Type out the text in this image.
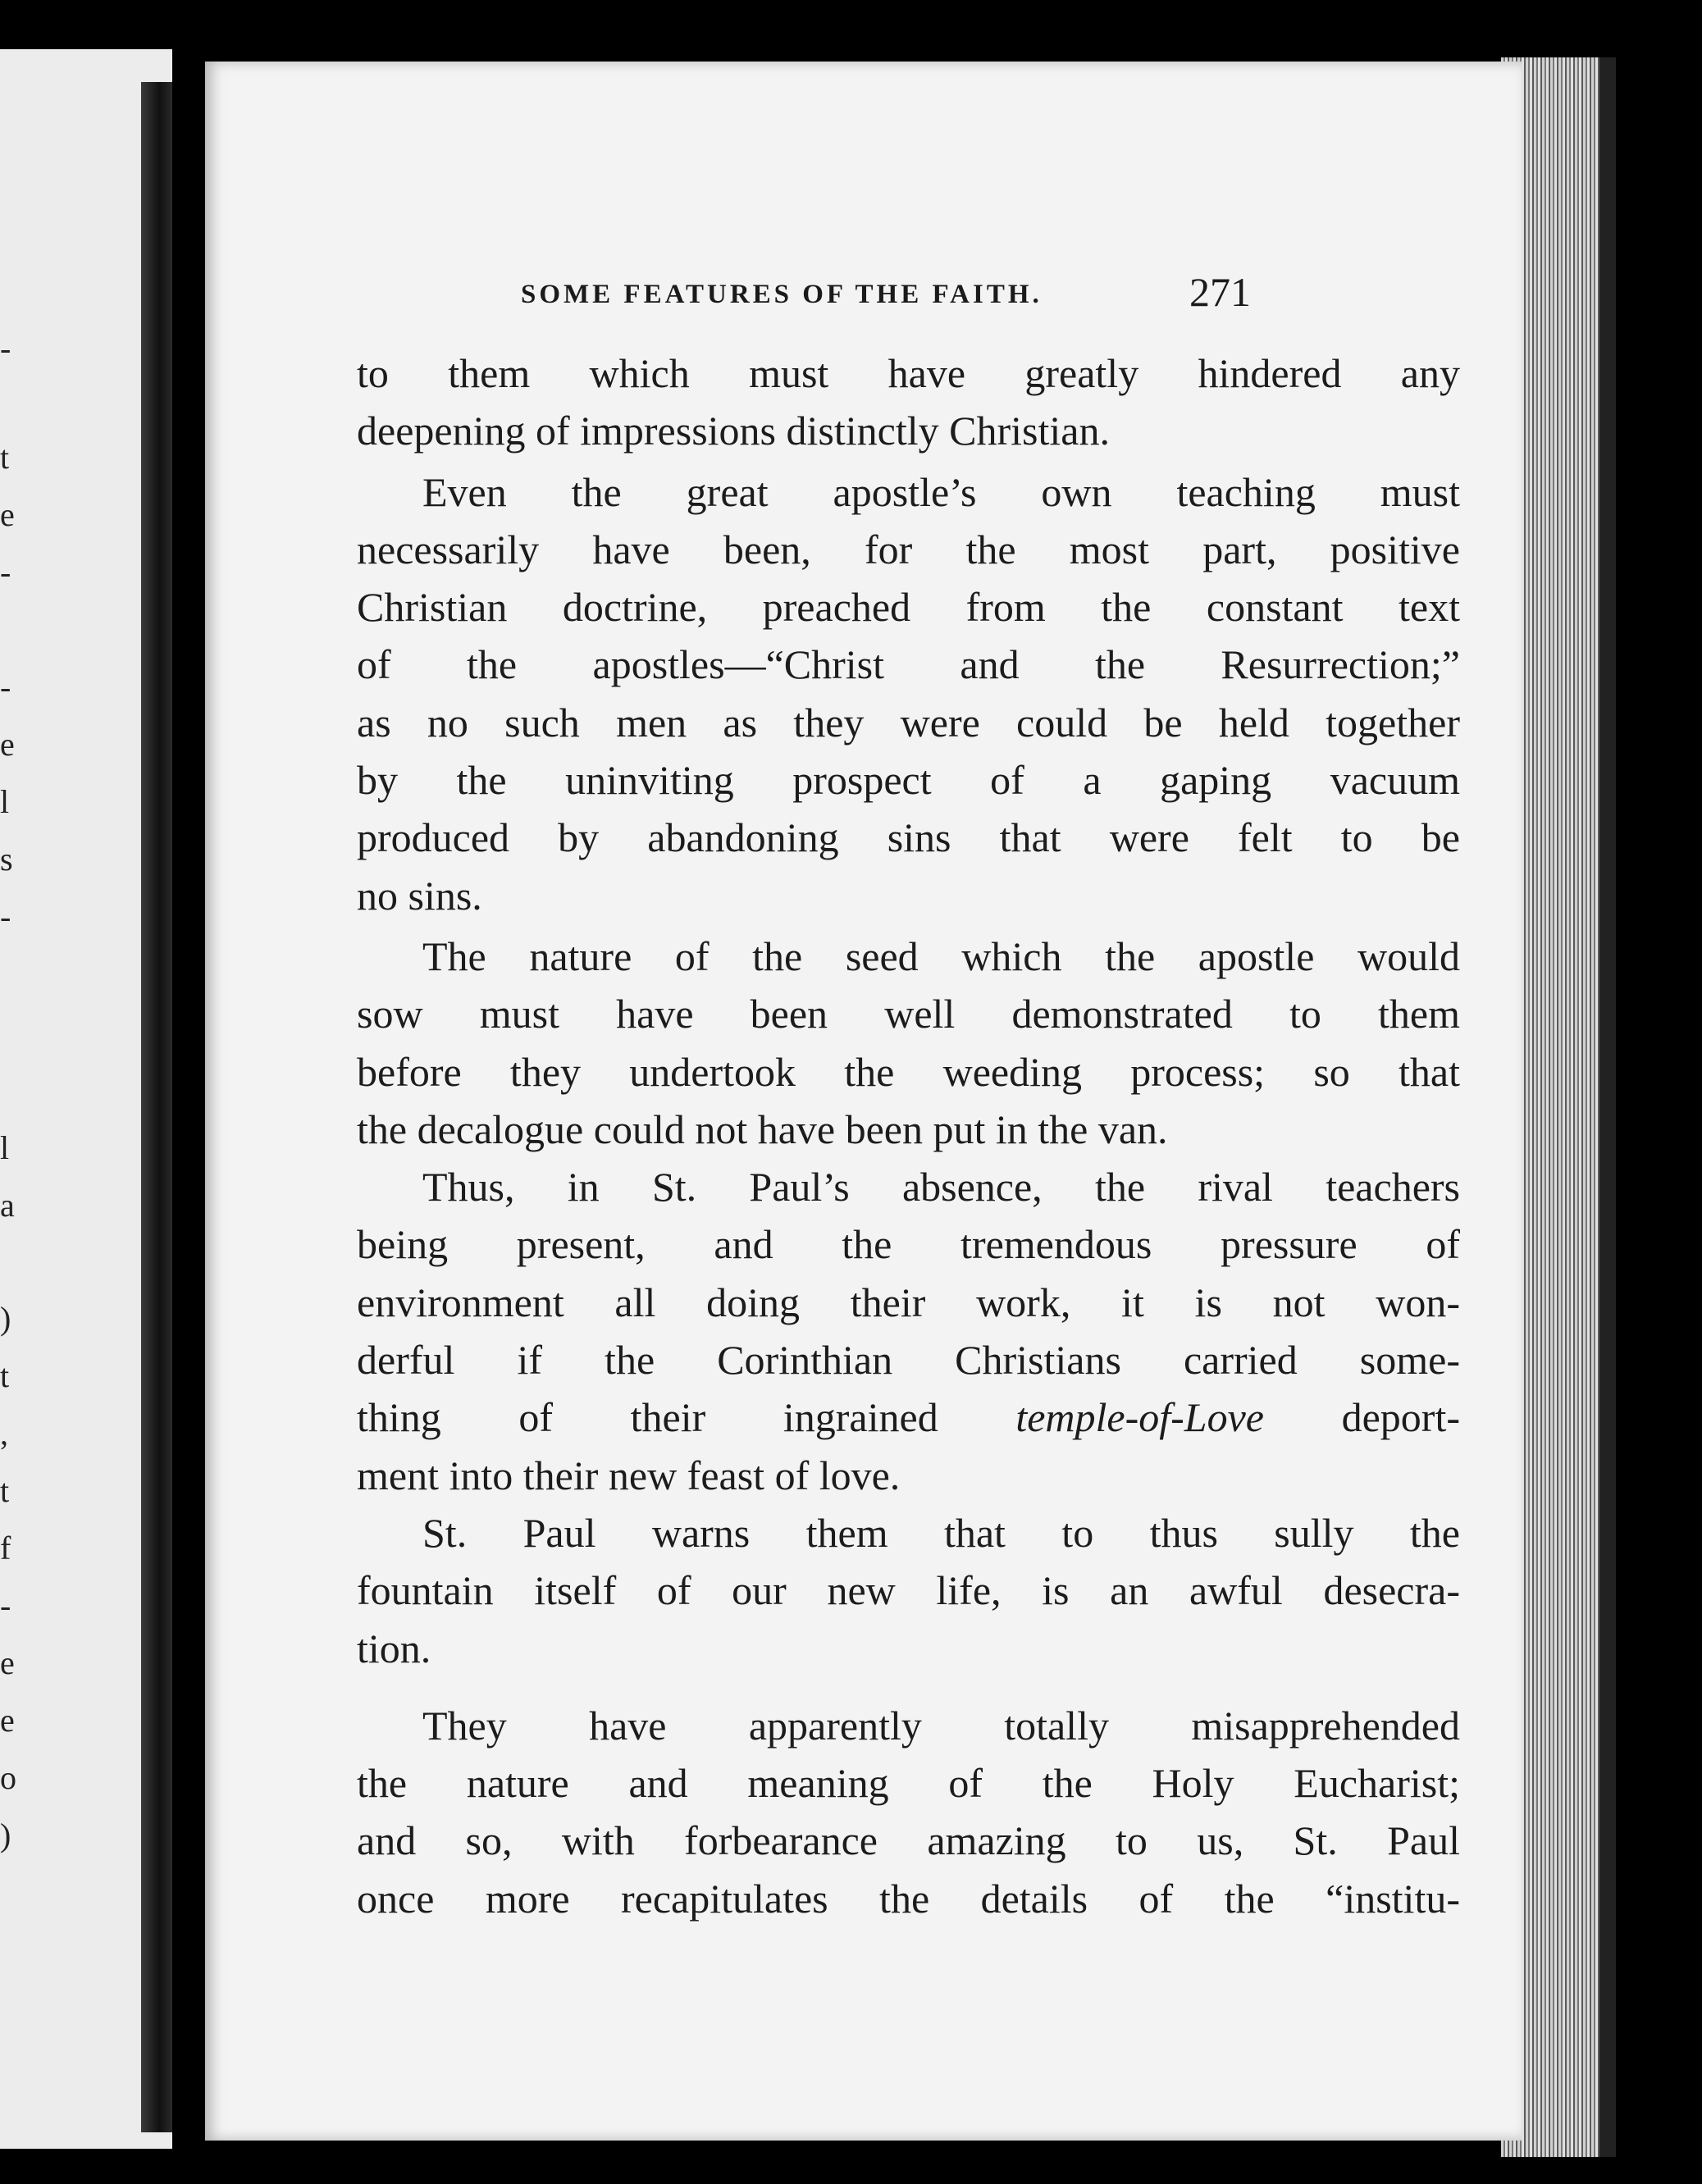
-
t
e
-
-
e
l
s
-
l
a
)
t
,
t
f
-
e
e
o
)
SOME FEATURES OF THE FAITH.	271
to them which must have greatly hindered any
deepening of impressions distinctly Christian.
Even the great apostle’s own teaching must
necessarily have been, for the most part, positive
Christian doctrine, preached from the constant text
of the apostles—“Christ and the Resurrection;”
as no such men as they were could be held together
by the uninviting prospect of a gaping vacuum
produced by abandoning sins that were felt to be
no sins.
The nature of the seed which the apostle would
sow must have been well demonstrated to them
before they undertook the weeding process; so that
the decalogue could not have been put in the van.
Thus, in St. Paul’s absence, the rival teachers
being present, and the tremendous pressure of
environment all doing their work, it is not won-
derful if the Corinthian Christians carried some-
thing of their ingrained temple-of-Love deport-
ment into their new feast of love.
St. Paul warns them that to thus sully the
fountain itself of our new life, is an awful desecra-
tion.
They have apparently totally misapprehended
the nature and meaning of the Holy Eucharist;
and so, with forbearance amazing to us, St. Paul
once more recapitulates the details of the “institu-
